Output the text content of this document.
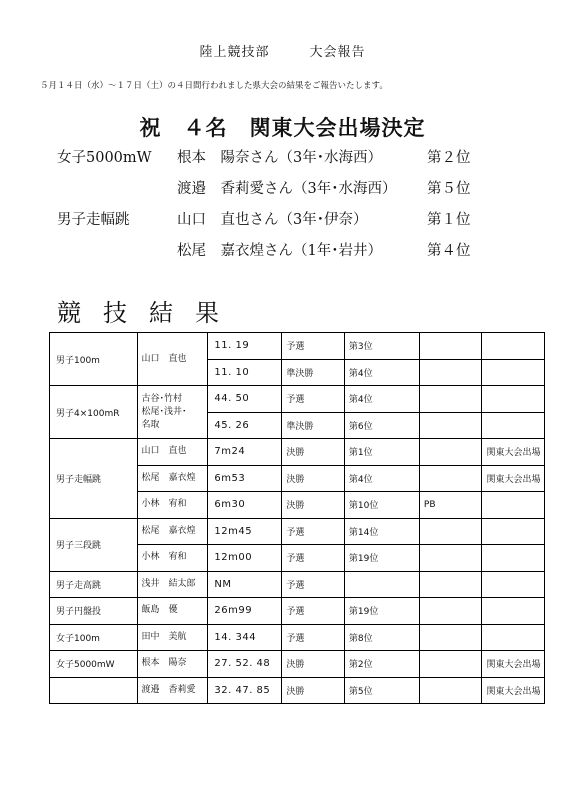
陸上競技部	大会報告
５月１４日（水）～１７日（土）の４日間行われました県大会の結果をご報告いたします。
祝　４名　関東大会出場決定
女子5000mW 根本　陽奈さん（3年･水海西）	第２位
渡邉　香莉愛さん（3年･水海西） 第５位
男子走幅跳	山口　直也さん（3年･伊奈）	第１位
松尾　嘉衣煌さん（1年･岩井）	第４位
競技結果
男子100m	山口　直也	11. 19	予選	第3位		
		11. 10	準決勝	第4位		
男子4×100mR	古谷･竹村
松尾･浅井･
名取	44. 50	予選	第4位		
		45. 26	準決勝	第6位		
男子走幅跳	山口　直也	7m24	決勝	第1位		関東大会出場
	松尾　嘉衣煌	6m53	決勝	第4位		関東大会出場
	小林　宥和	6m30	決勝	第10位	PB	
男子三段跳	松尾　嘉衣煌	12m45	予選	第14位		
	小林　宥和	12m00	予選	第19位		
男子走高跳	浅井　結太郎	NM	予選			
男子円盤投	飯島　優	26m99	予選	第19位		
女子100m	田中　美航	14. 344	予選	第8位		
女子5000mW	根本　陽奈	27. 52. 48	決勝	第2位		関東大会出場
	渡邉　香莉愛	32. 47. 85	決勝	第5位		関東大会出場
